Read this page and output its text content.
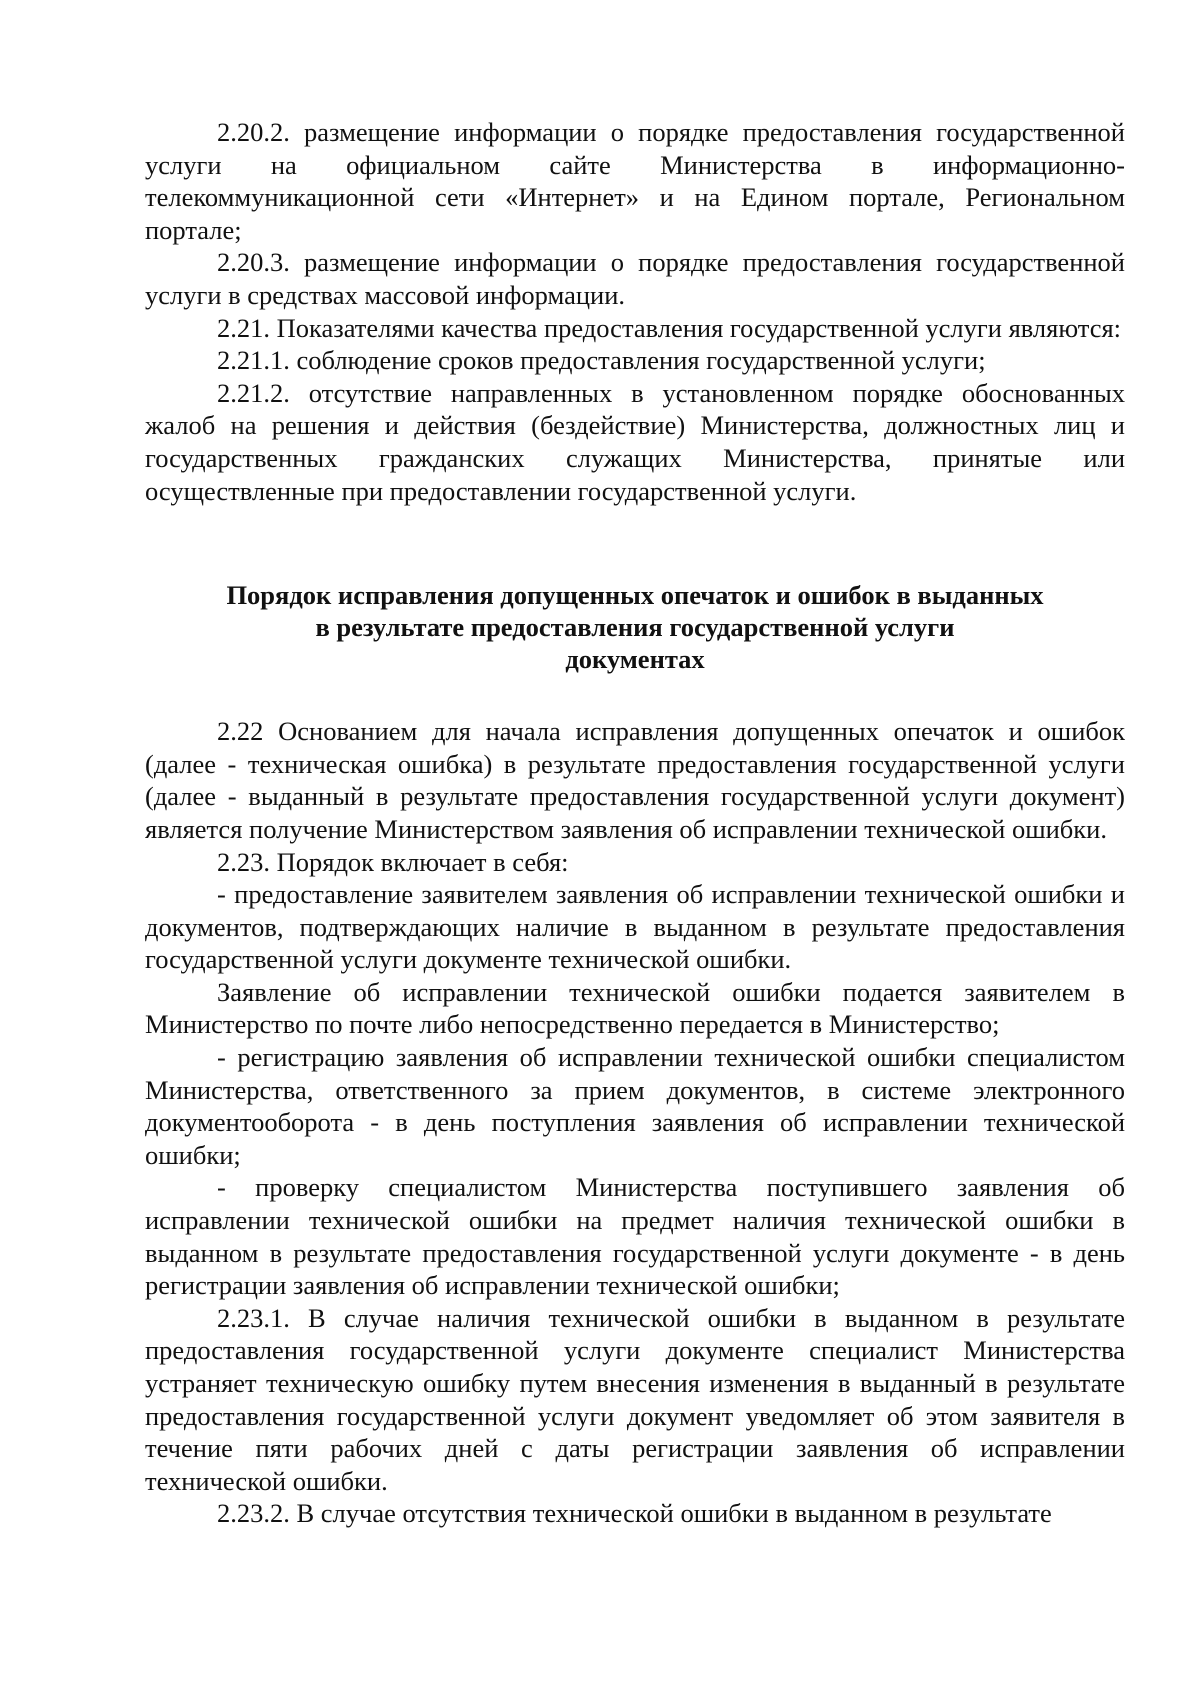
2.20.2. размещение информации о порядке предоставления государственной услуги на официальном сайте Министерства в информационно-телекоммуникационной сети «Интернет» и на Едином портале, Региональном портале;

2.20.3. размещение информации о порядке предоставления государственной услуги в средствах массовой информации.

2.21. Показателями качества предоставления государственной услуги являются:

2.21.1. соблюдение сроков предоставления государственной услуги;

2.21.2. отсутствие направленных в установленном порядке обоснованных жалоб на решения и действия (бездействие) Министерства, должностных лиц и государственных гражданских служащих Министерства, принятые или осуществленные при предоставлении государственной услуги.

Порядок исправления допущенных опечаток и ошибок в выданных
в результате предоставления государственной услуги
документах

2.22 Основанием для начала исправления допущенных опечаток и ошибок (далее - техническая ошибка) в результате предоставления государственной услуги (далее - выданный в результате предоставления государственной услуги документ) является получение Министерством заявления об исправлении технической ошибки.

2.23. Порядок включает в себя:

- предоставление заявителем заявления об исправлении технической ошибки и документов, подтверждающих наличие в выданном в результате предоставления государственной услуги документе технической ошибки.

Заявление об исправлении технической ошибки подается заявителем в Министерство по почте либо непосредственно передается в Министерство;

- регистрацию заявления об исправлении технической ошибки специалистом Министерства, ответственного за прием документов, в системе электронного документооборота - в день поступления заявления об исправлении технической ошибки;

- проверку специалистом Министерства поступившего заявления об исправлении технической ошибки на предмет наличия технической ошибки в выданном в результате предоставления государственной услуги документе - в день регистрации заявления об исправлении технической ошибки;

2.23.1. В случае наличия технической ошибки в выданном в результате предоставления государственной услуги документе специалист Министерства устраняет техническую ошибку путем внесения изменения в выданный в результате предоставления государственной услуги документ уведомляет об этом заявителя в течение пяти рабочих дней с даты регистрации заявления об исправлении технической ошибки.

2.23.2. В случае отсутствия технической ошибки в выданном в результате
